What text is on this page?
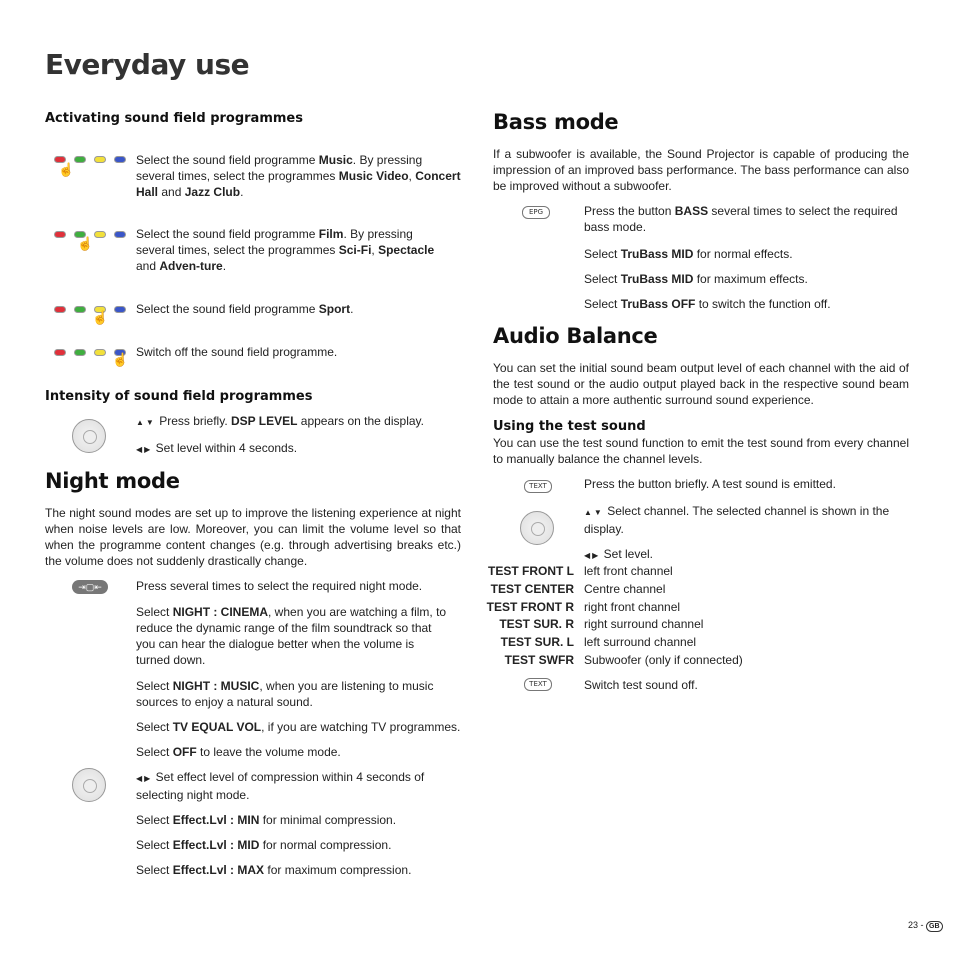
Everyday use
Activating sound field programmes
☝
Select the sound field programme Music. By pressing several times, select the programmes Music Video, Concert Hall and Jazz Club.
☝
Select the sound field programme Film. By pressing several times, select the programmes Sci-Fi, Spectacle and Adven-ture.
☝
Select the sound field programme Sport.
☝ Switch off the sound field programme.
Intensity of sound field programmes
▲▼ Press briefly. DSP LEVEL appears on the display.
◀▶ Set level within 4 seconds.
Night mode
The night sound modes are set up to improve the listening experience at night when noise levels are low. Moreover, you can limit the volume level so that when the programme content changes (e.g. through advertising breaks etc.) the volume does not suddenly drastically change.
⇥▢⇤	Press several times to select the required night mode.
Select NIGHT : CINEMA, when you are watching a film, to reduce the dynamic range of the film soundtrack so that you can hear the dialogue better when the volume is turned down.
Select NIGHT : MUSIC, when you are listening to music sources to enjoy a natural sound.
Select TV EQUAL VOL, if you are watching TV programmes.
Select OFF to leave the volume mode.
◀▶ Set effect level of compression within 4 seconds of selecting night mode.
Select Effect.Lvl : MIN for minimal compression.
Select Effect.Lvl : MID for normal compression.
Select Effect.Lvl : MAX for maximum compression.
Bass mode
If a subwoofer is available, the Sound Projector is capable of producing the impression of an improved bass performance. The bass performance can also be improved without a subwoofer.
EPG	Press the button BASS several times to select the required bass mode.
Select TruBass MID for normal effects.
Select TruBass MID for maximum effects.
Select TruBass OFF to switch the function off.
Audio Balance
You can set the initial sound beam output level of each channel with the aid of the test sound or the audio output played back in the respective sound beam mode to attain a more authentic surround sound experience.
Using the test sound
You can use the test sound function to emit the test sound from every channel to manually balance the channel levels.
TEXT	Press the button briefly. A test sound is emitted.
▲▼ Select channel. The selected channel is shown in the display.
◀▶ Set level.
TEST FRONT L left front channel
TEST CENTER Centre channel
TEST FRONT R right front channel
TEST SUR. R right surround channel
TEST SUR. L left surround channel
TEST SWFR Subwoofer (only if connected)
TEXT	Switch test sound off.
23 - GB
